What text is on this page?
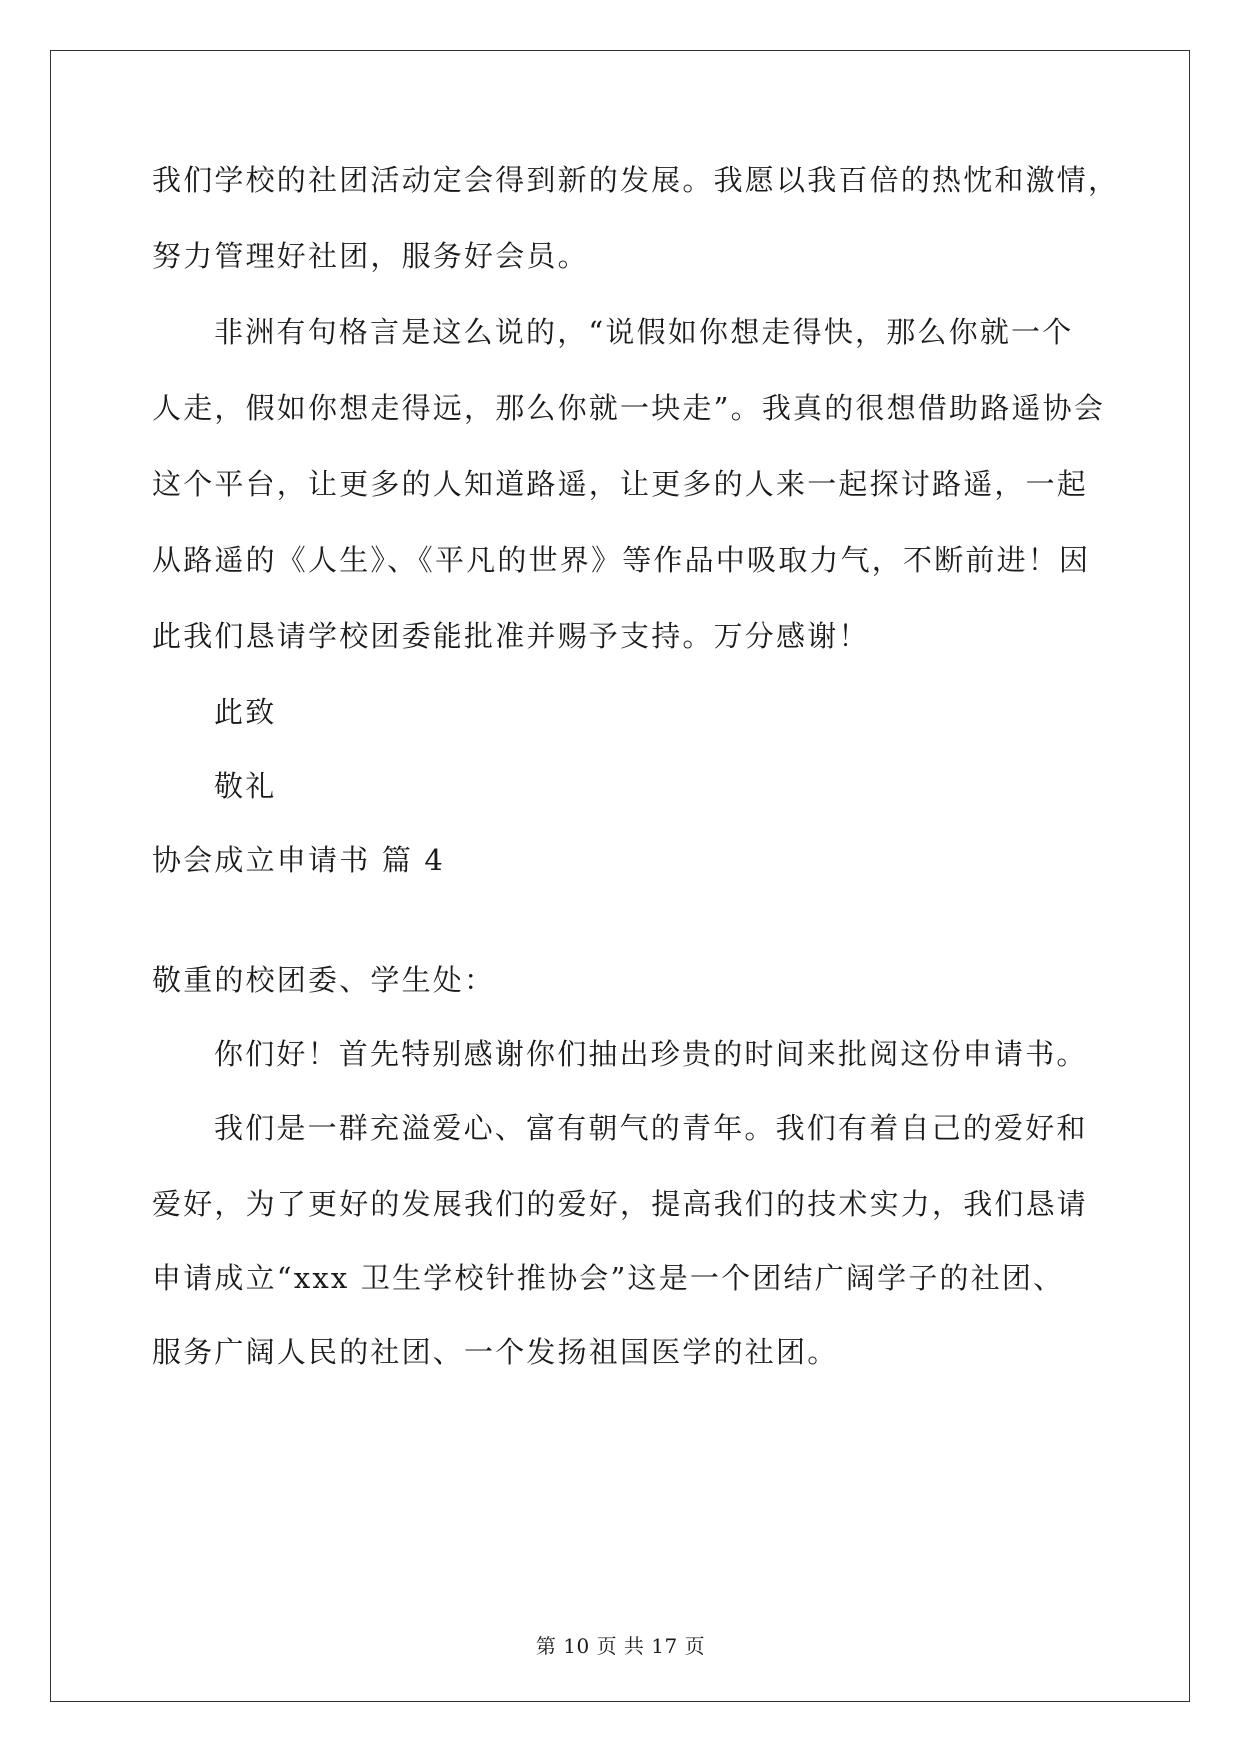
我们学校的社团活动定会得到新的发展。我愿以我百倍的热忱和激情，
努力管理好社团，服务好会员。
非洲有句格言是这么说的，“说假如你想走得快，那么你就一个
人走，假如你想走得远，那么你就一块走”。我真的很想借助路遥协会
这个平台，让更多的人知道路遥，让更多的人来一起探讨路遥，一起
从路遥的《人生》、《平凡的世界》等作品中吸取力气，不断前进！因
此我们恳请学校团委能批准并赐予支持。万分感谢！
此致
敬礼
协会成立申请书 篇 4
敬重的校团委、学生处：
你们好！首先特别感谢你们抽出珍贵的时间来批阅这份申请书。
我们是一群充溢爱心、富有朝气的青年。我们有着自己的爱好和
爱好，为了更好的发展我们的爱好，提高我们的技术实力，我们恳请
申请成立“xxx 卫生学校针推协会”这是一个团结广阔学子的社团、
服务广阔人民的社团、一个发扬祖国医学的社团。
第 10 页 共 17 页
